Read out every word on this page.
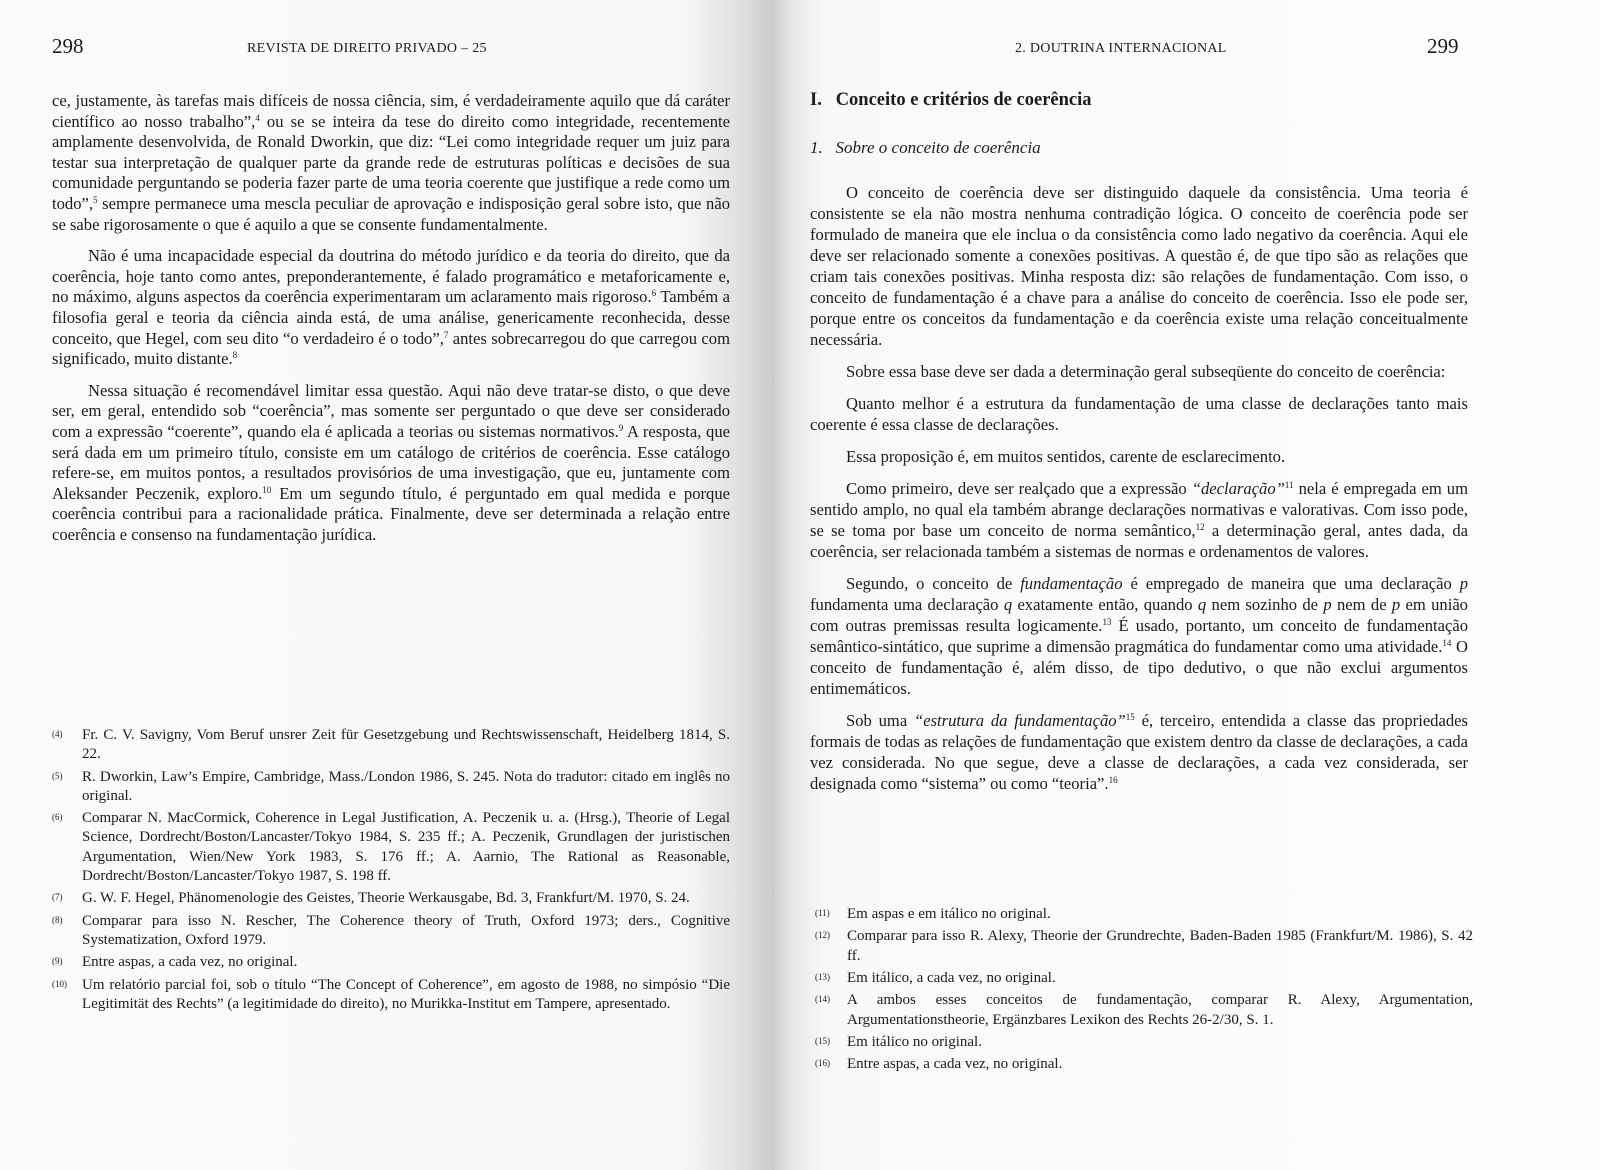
298	REVISTA DE DIREITO PRIVADO – 25

ce, justamente, às tarefas mais difíceis de nossa ciência, sim, é verdadeiramente aquilo que dá caráter científico ao nosso trabalho”,$^4$ ou se se inteira da tese do direito como integridade, recentemente amplamente desenvolvida, de Ronald Dworkin, que diz: “Lei como integridade requer um juiz para testar sua interpretação de qualquer parte da grande rede de estruturas políticas e decisões de sua comunidade perguntando se poderia fazer parte de uma teoria coerente que justifique a rede como um todo”,$^5$ sempre permanece uma mescla peculiar de aprovação e indisposição geral sobre isto, que não se sabe rigorosamente o que é aquilo a que se consente fundamentalmente.

Não é uma incapacidade especial da doutrina do método jurídico e da teoria do direito, que da coerência, hoje tanto como antes, preponderantemente, é falado programático e metaforicamente e, no máximo, alguns aspectos da coerência experimentaram um aclaramento mais rigoroso.$^6$ Também a filosofia geral e teoria da ciência ainda está, de uma análise, genericamente reconhecida, desse conceito, que Hegel, com seu dito “o verdadeiro é o todo”,$^7$ antes sobrecarregou do que carregou com significado, muito distante.$^8$

Nessa situação é recomendável limitar essa questão. Aqui não deve tratar-se disto, o que deve ser, em geral, entendido sob “coerência”, mas somente ser perguntado o que deve ser considerado com a expressão “coerente”, quando ela é aplicada a teorias ou sistemas normativos.$^9$ A resposta, que será dada em um primeiro título, consiste em um catálogo de critérios de coerência. Esse catálogo refere-se, em muitos pontos, a resultados provisórios de uma investigação, que eu, juntamente com Aleksander Peczenik, exploro.$^{10}$ Em um segundo título, é perguntado em qual medida e porque coerência contribui para a racionalidade prática. Finalmente, deve ser determinada a relação entre coerência e consenso na fundamentação jurídica.

(4) Fr. C. V. Savigny, Vom Beruf unsrer Zeit für Gesetzgebung und Rechtswissenschaft, Heidelberg 1814, S. 22.
(5) R. Dworkin, Law’s Empire, Cambridge, Mass./London 1986, S. 245. Nota do tradutor: citado em inglês no original.
(6) Comparar N. MacCormick, Coherence in Legal Justification, A. Peczenik u. a. (Hrsg.), Theorie of Legal Science, Dordrecht/Boston/Lancaster/Tokyo 1984, S. 235 ff.; A. Peczenik, Grundlagen der juristischen Argumentation, Wien/New York 1983, S. 176 ff.; A. Aarnio, The Rational as Reasonable, Dordrecht/Boston/Lancaster/Tokyo 1987, S. 198 ff.
(7) G. W. F. Hegel, Phänomenologie des Geistes, Theorie Werkausgabe, Bd. 3, Frankfurt/M. 1970, S. 24.
(8) Comparar para isso N. Rescher, The Coherence theory of Truth, Oxford 1973; ders., Cognitive Systematization, Oxford 1979.
(9) Entre aspas, a cada vez, no original.
(10) Um relatório parcial foi, sob o título “The Concept of Coherence”, em agosto de 1988, no simpósio “Die Legitimität des Rechts” (a legitimidade do direito), no Murikka-Institut em Tampere, apresentado.
2. DOUTRINA INTERNACIONAL	299
I.   Conceito e critérios de coerência
1.   Sobre o conceito de coerência

O conceito de coerência deve ser distinguido daquele da consistência. Uma teoria é consistente se ela não mostra nenhuma contradição lógica. O conceito de coerência pode ser formulado de maneira que ele inclua o da consistência como lado negativo da coerência. Aqui ele deve ser relacionado somente a conexões positivas. A questão é, de que tipo são as relações que criam tais conexões positivas. Minha resposta diz: são relações de fundamentação. Com isso, o conceito de fundamentação é a chave para a análise do conceito de coerência. Isso ele pode ser, porque entre os conceitos da fundamentação e da coerência existe uma relação conceitualmente necessária.

Sobre essa base deve ser dada a determinação geral subseqüente do conceito de coerência:

Quanto melhor é a estrutura da fundamentação de uma classe de declarações tanto mais coerente é essa classe de declarações.

Essa proposição é, em muitos sentidos, carente de esclarecimento.

Como primeiro, deve ser realçado que a expressão “declaração”$^{11}$ nela é empregada em um sentido amplo, no qual ela também abrange declarações normativas e valorativas. Com isso pode, se se toma por base um conceito de norma semântico,$^{12}$ a determinação geral, antes dada, da coerência, ser relacionada também a sistemas de normas e ordenamentos de valores.

Segundo, o conceito de fundamentação é empregado de maneira que uma declaração p fundamenta uma declaração q exatamente então, quando q nem sozinho de p nem de p em união com outras premissas resulta logicamente.$^{13}$ É usado, portanto, um conceito de fundamentação semântico-sintático, que suprime a dimensão pragmática do fundamentar como uma atividade.$^{14}$ O conceito de fundamentação é, além disso, de tipo dedutivo, o que não exclui argumentos entimemáticos.

Sob uma “estrutura da fundamentação”$^{15}$ é, terceiro, entendida a classe das propriedades formais de todas as relações de fundamentação que existem dentro da classe de declarações, a cada vez considerada. No que segue, deve a classe de declarações, a cada vez considerada, ser designada como “sistema” ou como “teoria”.$^{16}$

(11) Em aspas e em itálico no original.
(12) Comparar para isso R. Alexy, Theorie der Grundrechte, Baden-Baden 1985 (Frankfurt/M. 1986), S. 42 ff.
(13) Em itálico, a cada vez, no original.
(14) A ambos esses conceitos de fundamentação, comparar R. Alexy, Argumentation, Argumentationstheorie, Ergänzbares Lexikon des Rechts 26-2/30, S. 1.
(15) Em itálico no original.
(16) Entre aspas, a cada vez, no original.
